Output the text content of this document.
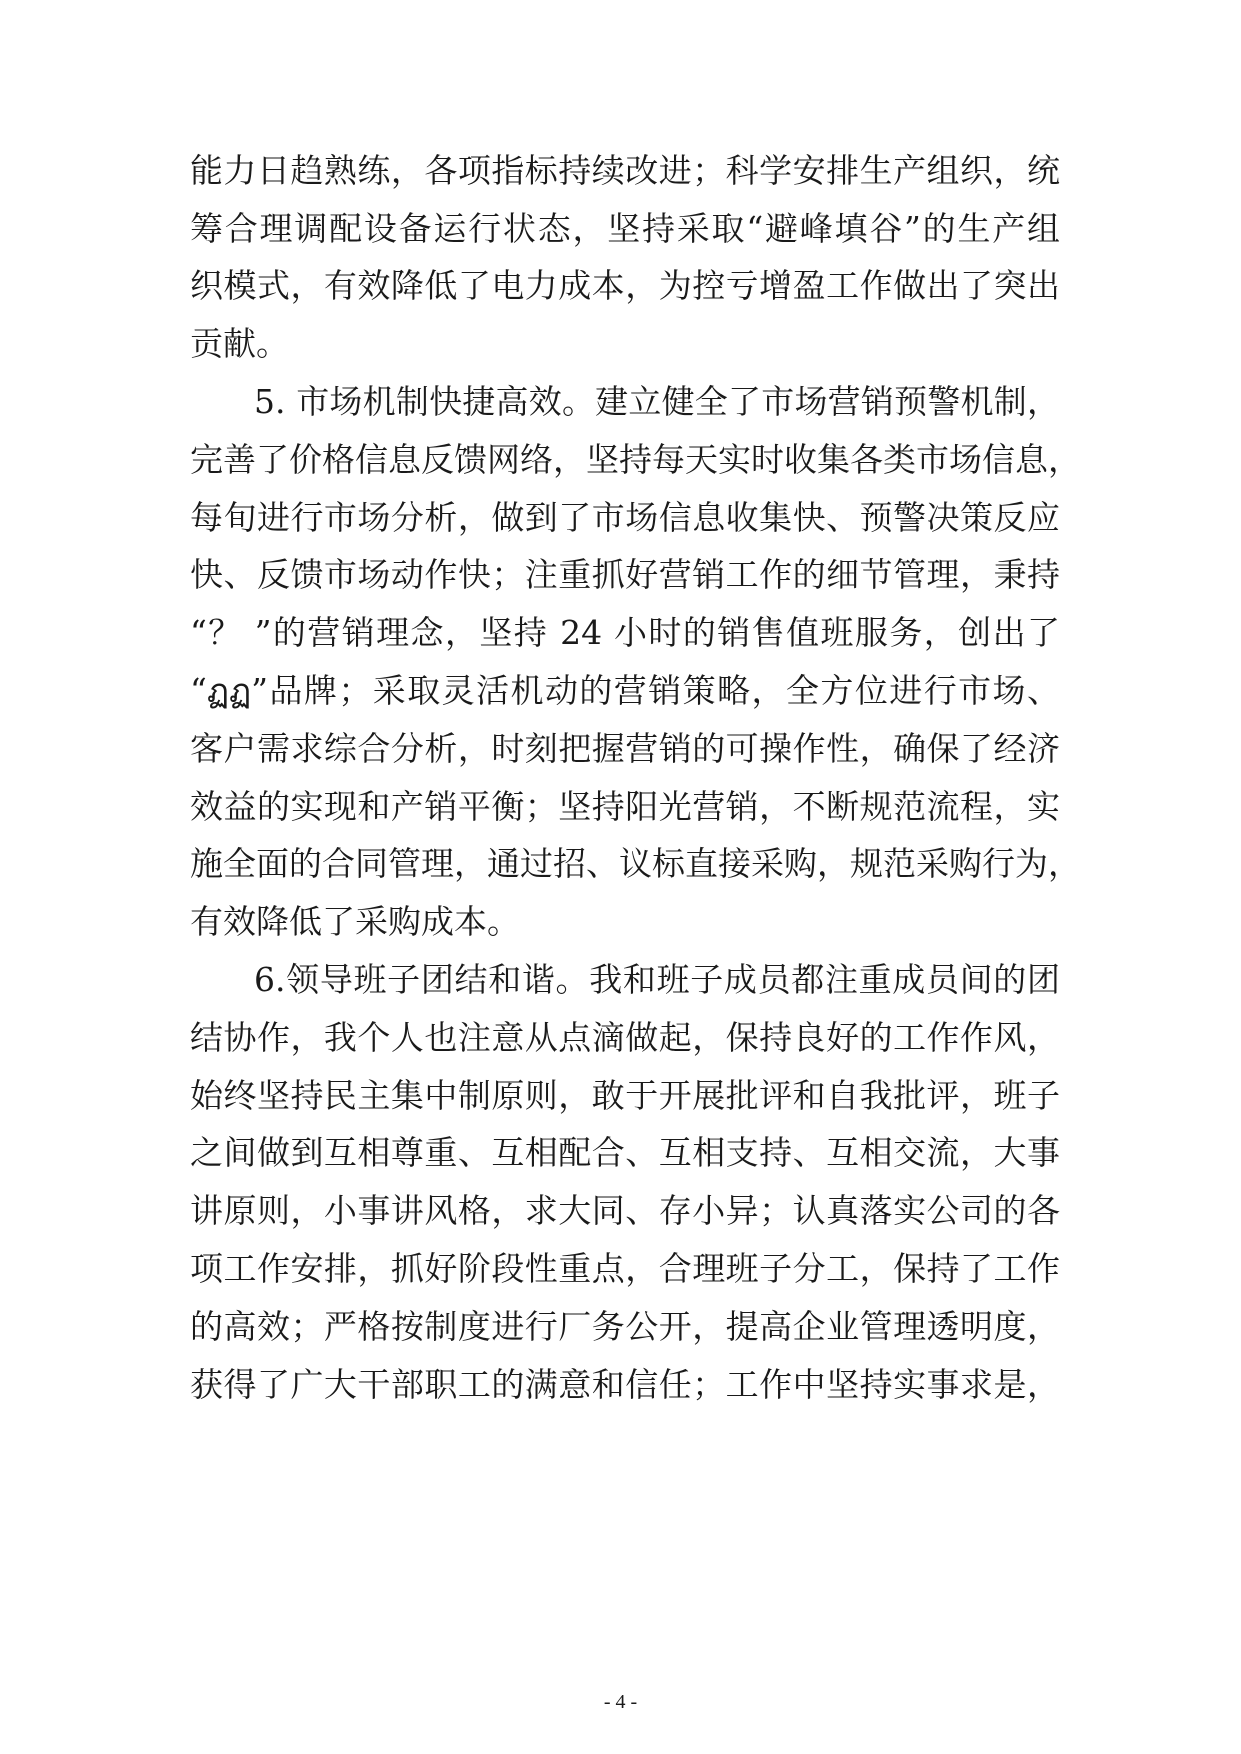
能力日趋熟练，各项指标持续改进；科学安排生产组织，统
筹合理调配设备运行状态，坚持采取“避峰填谷”的生产组
织模式，有效降低了电力成本，为控亏增盈工作做出了突出
贡献。
5. 市场机制快捷高效。建立健全了市场营销预警机制，
完善了价格信息反馈网络，坚持每天实时收集各类市场信息，
每旬进行市场分析，做到了市场信息收集快、预警决策反应
快、反馈市场动作快；注重抓好营销工作的细节管理，秉持
“？ ”的营销理念，坚持 24 小时的销售值班服务，创出了
“ฏฏ”品牌；采取灵活机动的营销策略，全方位进行市场、
客户需求综合分析，时刻把握营销的可操作性，确保了经济
效益的实现和产销平衡；坚持阳光营销，不断规范流程，实
施全面的合同管理，通过招、议标直接采购，规范采购行为，
有效降低了采购成本。
6.领导班子团结和谐。我和班子成员都注重成员间的团
结协作，我个人也注意从点滴做起，保持良好的工作作风，
始终坚持民主集中制原则，敢于开展批评和自我批评，班子
之间做到互相尊重、互相配合、互相支持、互相交流，大事
讲原则，小事讲风格，求大同、存小异；认真落实公司的各
项工作安排，抓好阶段性重点，合理班子分工，保持了工作
的高效；严格按制度进行厂务公开，提高企业管理透明度，
获得了广大干部职工的满意和信任；工作中坚持实事求是，
- 4 -
